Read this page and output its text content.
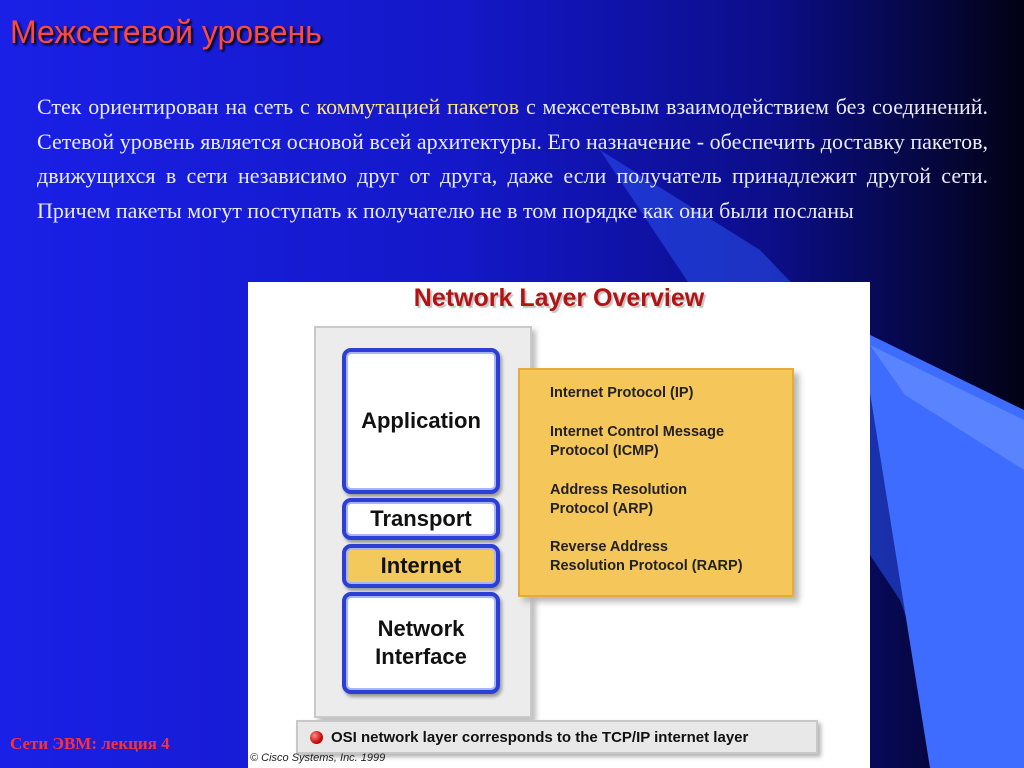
Межсетевой уровень
Стек ориентирован на сеть с коммутацией пакетов с межсетевым взаимодействием без соединений. Сетевой уровень является основой всей архитектуры. Его назначение - обеспечить доставку пакетов, движущихся в сети независимо друг от друга, даже если получатель принадлежит другой сети. Причем пакеты могут поступать к получателю не в том порядке как они были посланы
Network Layer Overview
Application
Transport
Internet
Network
Interface
Internet Protocol (IP)
Internet Control Message
Protocol (ICMP)
Address Resolution
Protocol (ARP)
Reverse Address
Resolution Protocol (RARP)
OSI network layer corresponds to the TCP/IP internet layer
© Cisco Systems, Inc. 1999
Сети ЭВМ: лекция 4
